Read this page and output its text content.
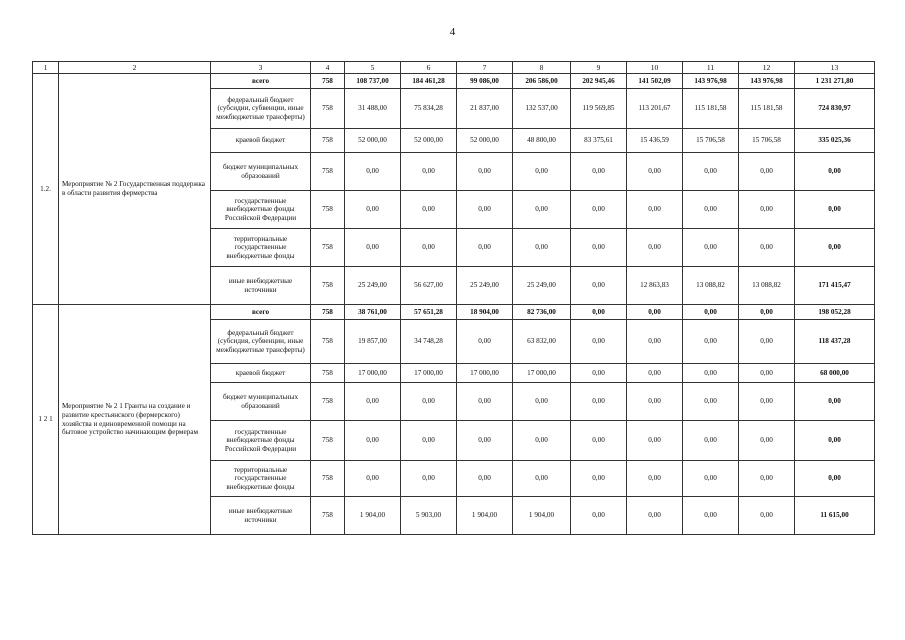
4
1	2	3	4	5	6	7	8	9	10	11	12	13
1.2.	Мероприятие № 2 Государственная поддержка в области развития фермерства	всего	758	108 737,00	184 461,28	99 086,00	206 586,00	202 945,46	141 502,09	143 976,98	143 976,98	1 231 271,80
		федеральный бюджет (субсидии, субвенции, иные межбюджетные трансферты)	758	31 488,00	75 834,28	21 837,00	132 537,00	119 569,85	113 201,67	115 181,58	115 181,58	724 830,97
		краевой бюджет	758	52 000,00	52 000,00	52 000,00	48 800,00	83 375,61	15 436,59	15 706,58	15 706,58	335 025,36
		бюджет муниципальных образований	758	0,00	0,00	0,00	0,00	0,00	0,00	0,00	0,00	0,00
		государственные внебюджетные фонды Российской Федерации	758	0,00	0,00	0,00	0,00	0,00	0,00	0,00	0,00	0,00
		территориальные государственные внебюджетные фонды	758	0,00	0,00	0,00	0,00	0,00	0,00	0,00	0,00	0,00
		иные внебюджетные источники	758	25 249,00	56 627,00	25 249,00	25 249,00	0,00	12 863,83	13 088,82	13 088,82	171 415,47
1 2 1	Мероприятие № 2 1 Гранты на создание и развитие крестьянского (фермерского) хозяйства и единовременной помощи на бытовое устройство начинающим фермерам	всего	758	38 761,00	57 651,28	18 904,00	82 736,00	0,00	0,00	0,00	0,00	198 052,28
		федеральный бюджет (субсидия, субвенции, иные межбюджетные трансферты)	758	19 857,00	34 748,28	0,00	63 832,00	0,00	0,00	0,00	0,00	118 437,28
		краевой бюджет	758	17 000,00	17 000,00	17 000,00	17 000,00	0,00	0,00	0,00	0,00	68 000,00
		бюджет муниципальных образований	758	0,00	0,00	0,00	0,00	0,00	0,00	0,00	0,00	0,00
		государственные внебюджетные фонды Российской Федерации	758	0,00	0,00	0,00	0,00	0,00	0,00	0,00	0,00	0,00
		территориальные государственные внебюджетные фонды	758	0,00	0,00	0,00	0,00	0,00	0,00	0,00	0,00	0,00
		иные внебюджетные источники	758	1 904,00	5 903,00	1 904,00	1 904,00	0,00	0,00	0,00	0,00	11 615,00
